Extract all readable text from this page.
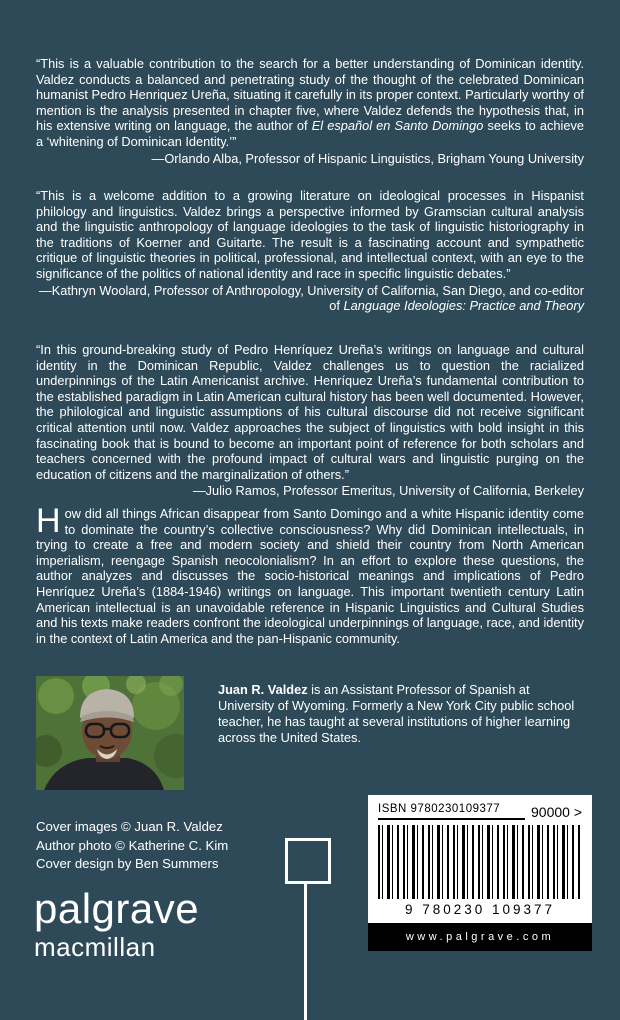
“This is a valuable contribution to the search for a better understanding of Dominican identity. Valdez conducts a balanced and penetrating study of the thought of the celebrated Dominican humanist Pedro Henriquez Ureña, situating it carefully in its proper context. Particularly worthy of mention is the analysis presented in chapter five, where Valdez defends the hypothesis that, in his extensive writing on language, the author of El español en Santo Domingo seeks to achieve a ‘whitening of Dominican Identity.’”

—Orlando Alba, Professor of Hispanic Linguistics, Brigham Young University

“This is a welcome addition to a growing literature on ideological processes in Hispanist philology and linguistics. Valdez brings a perspective informed by Gramscian cultural analysis and the linguistic anthropology of language ideologies to the task of linguistic historiography in the traditions of Koerner and Guitarte. The result is a fascinating account and sympathetic critique of linguistic theories in political, professional, and intellectual context, with an eye to the significance of the politics of national identity and race in specific linguistic debates.”

—Kathryn Woolard, Professor of Anthropology, University of California, San Diego, and co-editor of Language Ideologies: Practice and Theory

“In this ground-breaking study of Pedro Henríquez Ureña’s writings on language and cultural identity in the Dominican Republic, Valdez challenges us to question the racialized underpinnings of the Latin Americanist archive. Henríquez Ureña’s fundamental contribution to the established paradigm in Latin American cultural history has been well documented. However, the philological and linguistic assumptions of his cultural discourse did not receive significant critical attention until now. Valdez approaches the subject of linguistics with bold insight in this fascinating book that is bound to become an important point of reference for both scholars and teachers concerned with the profound impact of cultural wars and linguistic purging on the education of citizens and the marginalization of others.”

—Julio Ramos, Professor Emeritus, University of California, Berkeley

How did all things African disappear from Santo Domingo and a white Hispanic identity come to dominate the country’s collective consciousness? Why did Dominican intellectuals, in trying to create a free and modern society and shield their country from North American imperialism, reengage Spanish neocolonialism? In an effort to explore these questions, the author analyzes and discusses the socio-historical meanings and implications of Pedro Henríquez Ureña’s (1884-1946) writings on language. This important twentieth century Latin American intellectual is an unavoidable reference in Hispanic Linguistics and Cultural Studies and his texts make readers confront the ideological underpinnings of language, race, and identity in the context of Latin America and the pan-Hispanic community.

Juan R. Valdez is an Assistant Professor of Spanish at University of Wyoming. Formerly a New York City public school teacher, he has taught at several institutions of higher learning across the United States.

Cover images © Juan R. Valdez

Author photo © Katherine C. Kim

Cover design by Ben Summers

palgrave
macmillan
ISBN 9780230109377	90000 >
9 780230 109377
www.palgrave.com
